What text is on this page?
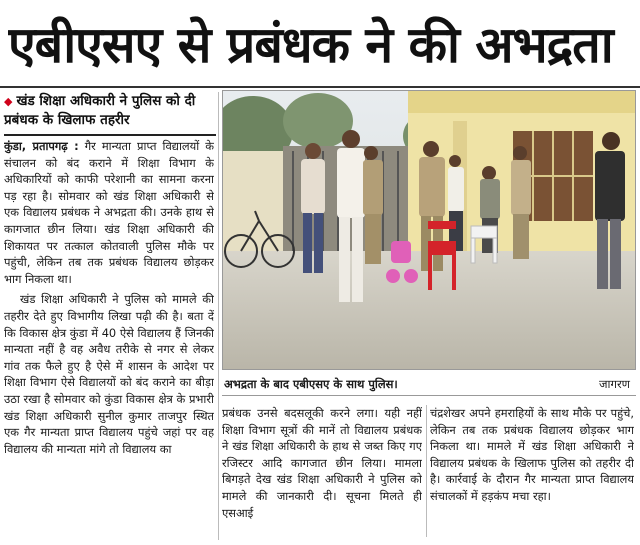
एबीएसए से प्रबंधक ने की अभद्रता
◆ खंड शिक्षा अधिकारी ने पुलिस को दी प्रबंधक के खिलाफ तहरीर

कुंडा, प्रतापगढ़ : गैर मान्यता प्राप्त विद्यालयों के संचालन को बंद कराने में शिक्षा विभाग के अधिकारियों को काफी परेशानी का सामना करना पड़ रहा है। सोमवार को खंड शिक्षा अधिकारी से एक विद्यालय प्रबंधक ने अभद्रता की। उनके हाथ से कागजात छीन लिया। खंड शिक्षा अधिकारी की शिकायत पर तत्काल कोतवाली पुलिस मौके पर पहुंची, लेकिन तब तक प्रबंधक विद्यालय छोड़कर भाग निकला था।

खंड शिक्षा अधिकारी ने पुलिस को मामले की तहरीर देते हुए विभागीय लिखा पढ़ी की है। बता दें कि विकास क्षेत्र कुंडा में 40 ऐसे विद्यालय हैं जिनकी मान्यता नहीं है वह अवैध तरीके से नगर से लेकर गांव तक फैले हुए है ऐसे में शासन के आदेश पर शिक्षा विभाग ऐसे विद्यालयों को बंद कराने का बीड़ा उठा रखा है सोमवार को कुंडा विकास क्षेत्र के प्रभारी खंड शिक्षा अधिकारी सुनील कुमार ताजपुर स्थित एक गैर मान्यता प्राप्त विद्यालय पहुंचे जहां पर वह विद्यालय की मान्यता मांगे तो विद्यालय का

अभद्रता के बाद एबीएसए के साथ पुलिस।	जागरण

प्रबंधक उनसे बदसलूकी करने लगा। यही नहीं शिक्षा विभाग सूत्रों की मानें तो विद्यालय प्रबंधक ने खंड शिक्षा अधिकारी के हाथ से जब्त किए गए रजिस्टर आदि कागजात छीन लिया। मामला बिगड़ते देख खंड शिक्षा अधिकारी ने पुलिस को मामले की जानकारी दी। सूचना मिलते ही एसआई

चंद्रशेखर अपने हमराहियों के साथ मौके पर पहुंचे, लेकिन तब तक प्रबंधक विद्यालय छोड़कर भाग निकला था। मामले में खंड शिक्षा अधिकारी ने विद्यालय प्रबंधक के खिलाफ पुलिस को तहरीर दी है। कार्रवाई के दौरान गैर मान्यता प्राप्त विद्यालय संचालकों में हड़कंप मचा रहा।
